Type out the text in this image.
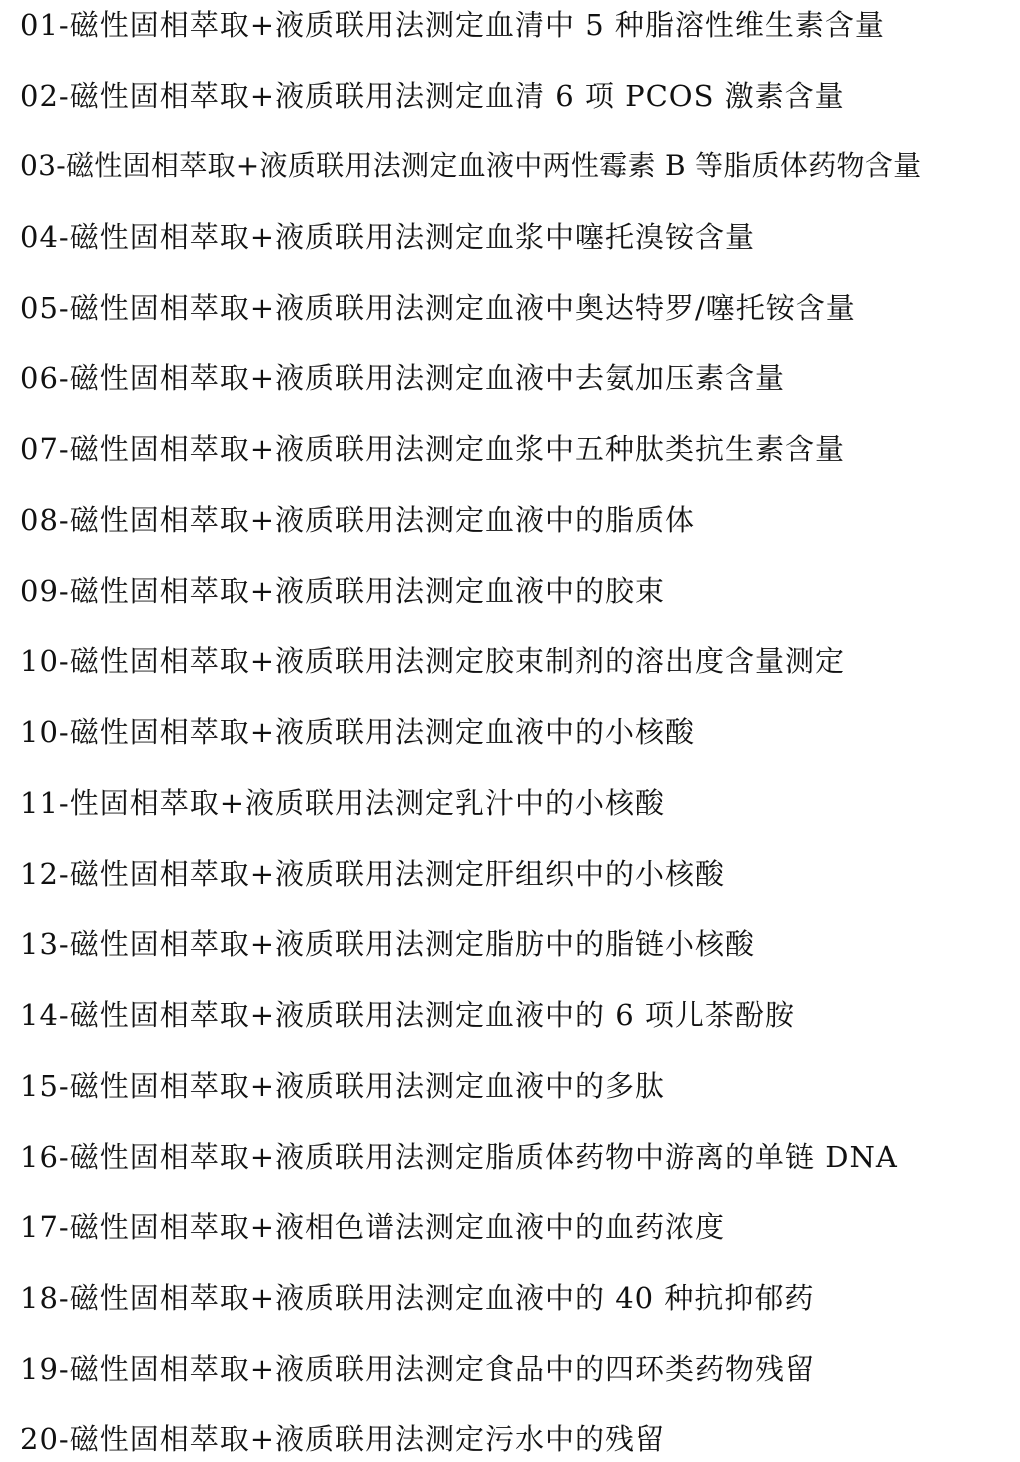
01-磁性固相萃取+液质联用法测定血清中 5 种脂溶性维生素含量
02-磁性固相萃取+液质联用法测定血清 6 项 PCOS 激素含量
03-磁性固相萃取+液质联用法测定血液中两性霉素 B 等脂质体药物含量
04-磁性固相萃取+液质联用法测定血浆中噻托溴铵含量
05-磁性固相萃取+液质联用法测定血液中奥达特罗/噻托铵含量
06-磁性固相萃取+液质联用法测定血液中去氨加压素含量
07-磁性固相萃取+液质联用法测定血浆中五种肽类抗生素含量
08-磁性固相萃取+液质联用法测定血液中的脂质体
09-磁性固相萃取+液质联用法测定血液中的胶束
10-磁性固相萃取+液质联用法测定胶束制剂的溶出度含量测定
10-磁性固相萃取+液质联用法测定血液中的小核酸
11-性固相萃取+液质联用法测定乳汁中的小核酸
12-磁性固相萃取+液质联用法测定肝组织中的小核酸
13-磁性固相萃取+液质联用法测定脂肪中的脂链小核酸
14-磁性固相萃取+液质联用法测定血液中的 6 项儿茶酚胺
15-磁性固相萃取+液质联用法测定血液中的多肽
16-磁性固相萃取+液质联用法测定脂质体药物中游离的单链 DNA
17-磁性固相萃取+液相色谱法测定血液中的血药浓度
18-磁性固相萃取+液质联用法测定血液中的 40 种抗抑郁药
19-磁性固相萃取+液质联用法测定食品中的四环类药物残留
20-磁性固相萃取+液质联用法测定污水中的残留
